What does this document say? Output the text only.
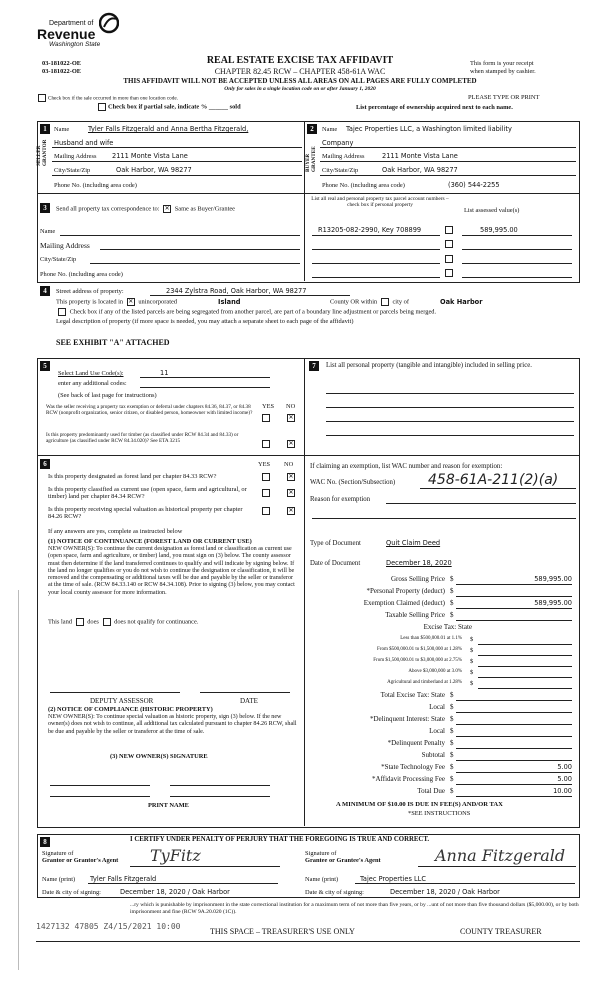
Department of
Revenue
Washington State
03-181022-OE
03-181022-OE
REAL ESTATE EXCISE TAX AFFIDAVIT
CHAPTER 82.45 RCW – CHAPTER 458-61A WAC
THIS AFFIDAVIT WILL NOT BE ACCEPTED UNLESS ALL AREAS ON ALL PAGES ARE FULLY COMPLETED
Only for sales in a single location code on or after January 1, 2020
This form is your receipt
when stamped by cashier.
PLEASE TYPE OR PRINT
Check box if the sale occurred in more than one location code.
Check box if partial sale, indicate % ______ sold	List percentage of ownership acquired next to each name.
1
SELLER GRANTOR
Name	Tyler Falls Fitzgerald and Anna Bertha Fitzgerald,
Husband and wife
Mailing Address 2111 Monte Vista Lane
City/State/Zip	Oak Harbor, WA 98277
Phone No. (including area code)
2
BUYER GRANTEE
Name Tajec Properties LLC, a Washington limited liability
Company
Mailing Address	2111 Monte Vista Lane
City/State/Zip	Oak Harbor, WA 98277
Phone No. (including area code)	(360) 544-2255
3	Send all property tax correspondence to: ✕ Same as Buyer/Grantee
Name
Mailing Address
City/State/Zip
Phone No. (including area code)
List all real and personal property tax parcel account numbers – check box if personal property
List assessed value(s)
R13205-082-2990, Key 708899	589,995.00
4	Street address of property:	2344 Zylstra Road, Oak Harbor, WA 98277
This property is located in ✕ unincorporated	Island	County OR within city of	Oak Harbor
Check box if any of the listed parcels are being segregated from another parcel, are part of a boundary line adjustment or parcels being merged.
Legal description of property (if more space is needed, you may attach a separate sheet to each page of the affidavit)
SEE EXHIBIT "A" ATTACHED
5
Select Land Use Code(s):	11
enter any additional codes:
(See back of last page for instructions)
YES NO
Was the seller receiving a property tax exemption or deferral under chapters 84.36, 84.37, or 84.38 RCW (nonprofit organization, senior citizen, or disabled person, homeowner with limited income)?
✕
Is this property predominantly used for timber (as classified under RCW 84.34 and 84.33) or agriculture (as classified under RCW 84.34.020)? See ETA 3215
✕
6	YES NO
Is this property designated as forest land per chapter 84.33 RCW?
✕
Is this property classified as current use (open space, farm and agricultural, or timber) land per chapter 84.34 RCW?
✕
Is this property receiving special valuation as historical property per chapter 84.26 RCW?
✕
If any answers are yes, complete as instructed below
(1) NOTICE OF CONTINUANCE (FOREST LAND OR CURRENT USE)
NEW OWNER(S): To continue the current designation as forest land or classification as current use (open space, farm and agriculture, or timber) land, you must sign on (3) below. The county assessor must then determine if the land transferred continues to qualify and will indicate by signing below. If the land no longer qualifies or you do not wish to continue the designation or classification, it will be removed and the compensating or additional taxes will be due and payable by the seller or transferor at the time of sale. (RCW 84.33.140 or RCW 84.34.108). Prior to signing (3) below, you may contact your local county assessor for more information.
This land does does not qualify for continuance.
DEPUTY ASSESSOR	DATE
(2) NOTICE OF COMPLIANCE (HISTORIC PROPERTY)
NEW OWNER(S): To continue special valuation as historic property, sign (3) below. If the new owner(s) does not wish to continue, all additional tax calculated pursuant to chapter 84.26 RCW, shall be due and payable by the seller or transferor at the time of sale.
(3) NEW OWNER(S) SIGNATURE
PRINT NAME
7	List all personal property (tangible and intangible) included in selling price.
If claiming an exemption, list WAC number and reason for exemption:
WAC No. (Section/Subsection) 458-61A-211(2)(a)
Reason for exemption
Type of Document	Quit Claim Deed
Date of Document	December 18, 2020
Gross Selling Price $	589,995.00
*Personal Property (deduct) $
Exemption Claimed (deduct) $	589,995.00
Taxable Selling Price $
Excise Tax: State
Less than $500,000.01 at 1.1% $
From $500,000.01 to $1,500,000 at 1.28% $
From $1,500,000.01 to $3,000,000 at 2.75% $
Above $3,000,000 at 3.0% $
Agricultural and timberland at 1.28% $
Total Excise Tax: State $
Local $
*Delinquent Interest: State $
Local $
*Delinquent Penalty $
Subtotal $
*State Technology Fee $	5.00
*Affidavit Processing Fee $	5.00
Total Due $	10.00
A MINIMUM OF $10.00 IS DUE IN FEE(S) AND/OR TAX
*SEE INSTRUCTIONS
8	I CERTIFY UNDER PENALTY OF PERJURY THAT THE FOREGOING IS TRUE AND CORRECT.
Signature of
Grantor or Grantor's Agent TyFitz
Name (print) Tyler Falls Fitzgerald
Date & city of signing:	December 18, 2020 / Oak Harbor
Signature of
Grantee or Grantee's Agent	Anna Fitzgerald
Name (print)	Tajec Properties LLC
Date & city of signing:	December 18, 2020 / Oak Harbor
...ry which is punishable by imprisonment in the state correctional institution for a maximum term of not more than five years, or by ...unt of not more than five thousand dollars ($5,000.00), or by both imprisonment and fine (RCW 9A.20.020 (1C)).
1427132 47805 Z4/15/2021 10:00
THIS SPACE – TREASURER'S USE ONLY	COUNTY TREASURER
